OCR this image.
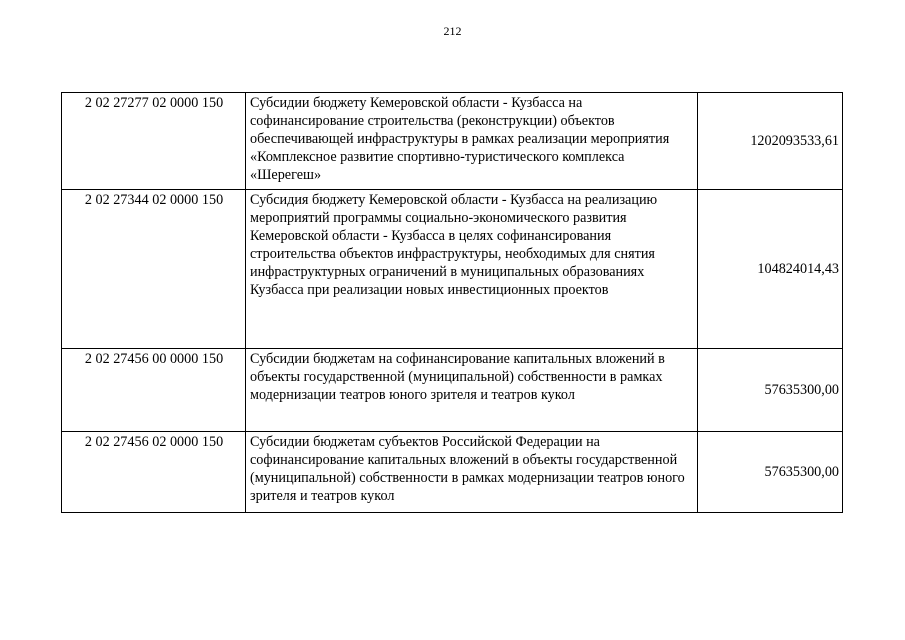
212
2 02 27277 02 0000 150	Субсидии бюджету Кемеровской области - Кузбасса на софинансирование строительства (реконструкции) объектов обеспечивающей инфраструктуры в рамках реализации мероприятия «Комплексное развитие спортивно-туристического комплекса «Шерегеш»	1202093533,61
2 02 27344 02 0000 150	Субсидия бюджету Кемеровской области - Кузбасса на реализацию мероприятий программы социально-экономического развития Кемеровской области - Кузбасса в целях софинансирования строительства объектов инфраструктуры, необходимых для снятия инфраструктурных ограничений в муниципальных образованиях Кузбасса при реализации новых инвестиционных проектов	104824014,43
2 02 27456 00 0000 150	Субсидии бюджетам на софинансирование капитальных вложений в объекты государственной (муниципальной) собственности в рамках модернизации театров юного зрителя и театров кукол	57635300,00
2 02 27456 02 0000 150	Субсидии бюджетам субъектов Российской Федерации на софинансирование капитальных вложений в объекты государственной (муниципальной) собственности в рамках модернизации театров юного зрителя и театров кукол	57635300,00
